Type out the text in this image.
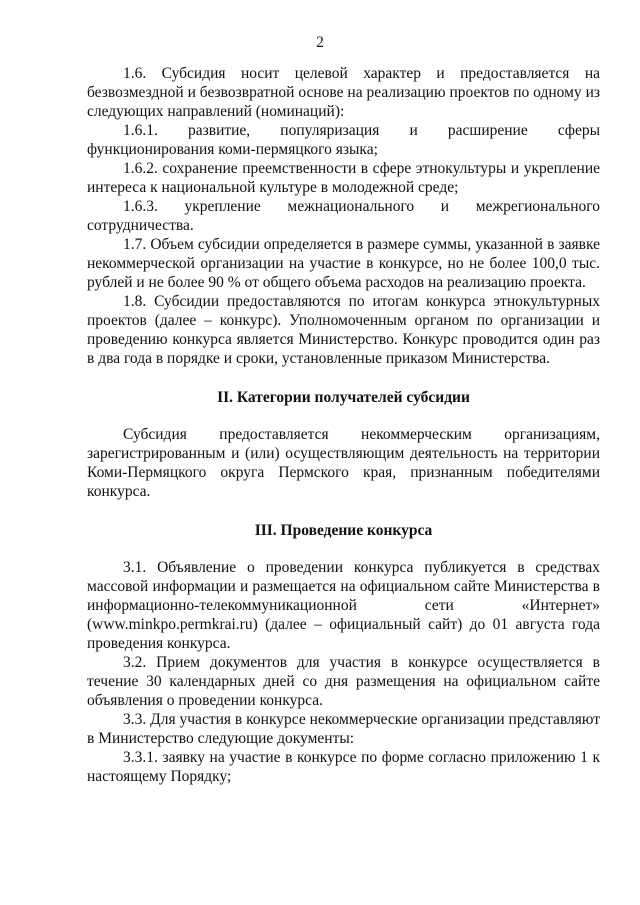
2

1.6. Субсидия носит целевой характер и предоставляется на безвозмездной и безвозвратной основе на реализацию проектов по одному из следующих направлений (номинаций):

1.6.1. развитие, популяризация и расширение сферы функционирования коми-пермяцкого языка;

1.6.2. сохранение преемственности в сфере этнокультуры и укрепление интереса к национальной культуре в молодежной среде;

1.6.3. укрепление межнационального и межрегионального сотрудничества.

1.7. Объем субсидии определяется в размере суммы, указанной в заявке некоммерческой организации на участие в конкурсе, но не более 100,0 тыс. рублей и не более 90 % от общего объема расходов на реализацию проекта.

1.8. Субсидии предоставляются по итогам конкурса этнокультурных проектов (далее – конкурс). Уполномоченным органом по организации и проведению конкурса является Министерство. Конкурс проводится один раз в два года в порядке и сроки, установленные приказом Министерства.

II. Категории получателей субсидии

Субсидия предоставляется некоммерческим организациям, зарегистрированным и (или) осуществляющим деятельность на территории Коми-Пермяцкого округа Пермского края, признанным победителями конкурса.

III. Проведение конкурса

3.1. Объявление о проведении конкурса публикуется в средствах массовой информации и размещается на официальном сайте Министерства в информационно-телекоммуникационной сети «Интернет» (www.minkpo.permkrai.ru) (далее – официальный сайт) до 01 августа года проведения конкурса.

3.2. Прием документов для участия в конкурсе осуществляется в течение 30 календарных дней со дня размещения на официальном сайте объявления о проведении конкурса.

3.3. Для участия в конкурсе некоммерческие организации представляют в Министерство следующие документы:

3.3.1. заявку на участие в конкурсе по форме согласно приложению 1 к настоящему Порядку;
